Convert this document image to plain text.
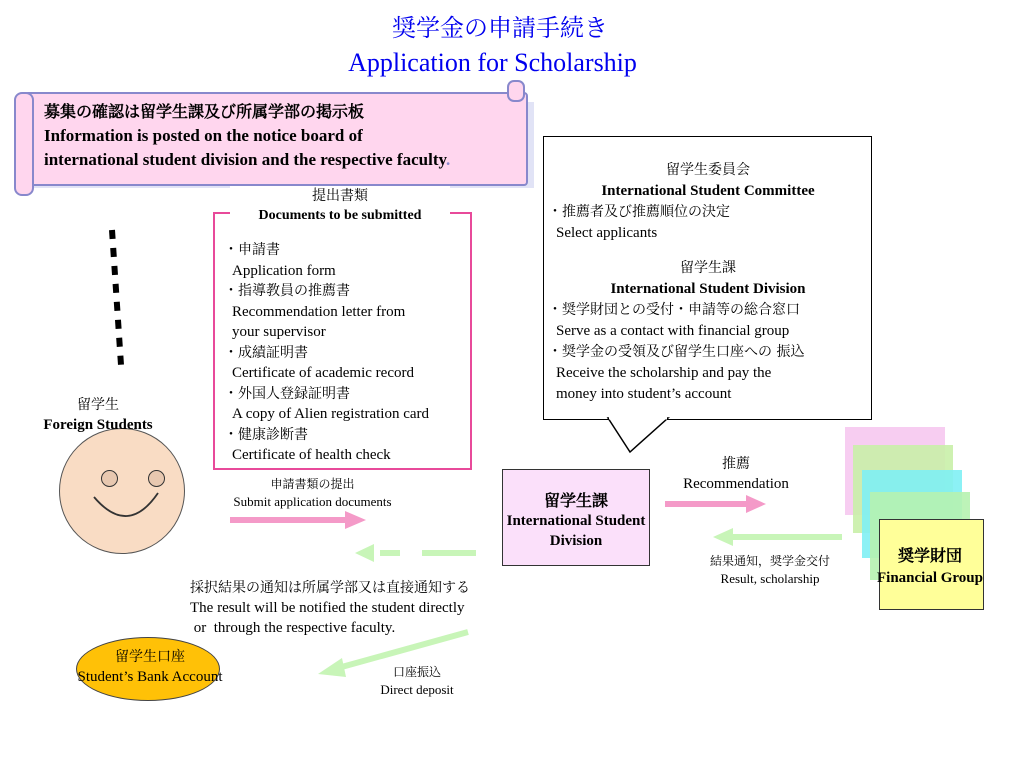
奨学金の申請手続き
Application for Scholarship
募集の確認は留学生課及び所属学部の掲示板
Information is posted on the notice board of
international student division and the respective faculty.
提出書類
Documents to be submitted
・申請書
Application form
・指導教員の推薦書
Recommendation letter from
your supervisor
・成績証明書
Certificate of academic record
・外国人登録証明書
A copy of Alien registration card
・健康診断書
Certificate of health check
留学生委員会
International Student Committee
・推薦者及び推薦順位の決定
Select applicants
留学生課
International Student Division
・奨学財団との受付・申請等の総合窓口
Serve as a contact with financial group
・奨学金の受領及び留学生口座への 振込
Receive the scholarship and pay the
money into student’s account
奨学財団
Financial Group
留学生
Foreign Students
申請書類の提出
Submit application documents	留学生課
International Student
Division
推薦
Recommendation
結果通知，奨学金交付
Result, scholarship
採択結果の通知は所属学部又は直接通知する
The result will be notified the student directly
or  through the respective faculty.
口座振込
Direct deposit
留学生口座
Student’s Bank Account
